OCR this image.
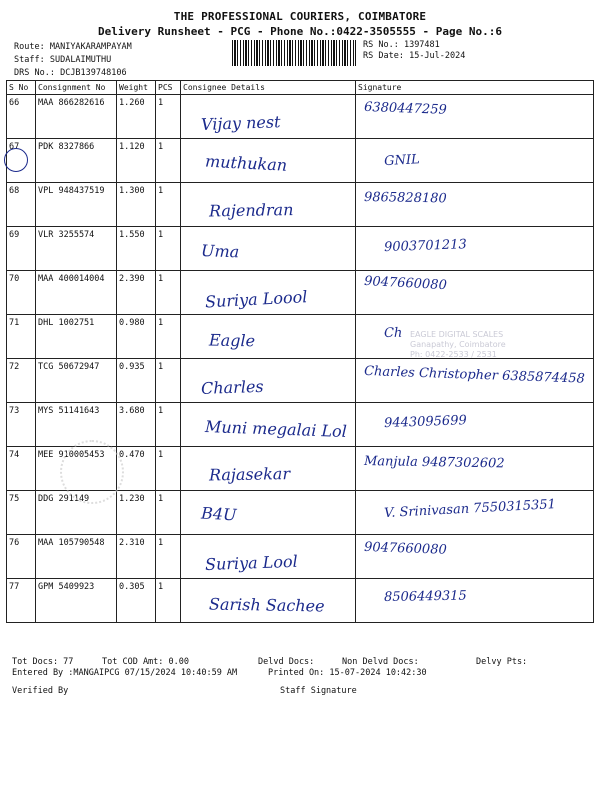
THE PROFESSIONAL COURIERS, COIMBATORE
Delivery Runsheet - PCG - Phone No.:0422-3505555 - Page No.:6
Route: MANIYAKARAMPAYAM
Staff: SUDALAIMUTHU
DRS No.: DCJB139748106
RS No.: 1397481
RS Date: 15-Jul-2024
S No	Consignment No	Weight	PCS	Consignee Details	Signature
66	MAA 866282616	1.260	1	Vijay nest	6380447259

67	PDK 8327866	1.120	1	muthukan	GNIL

68	VPL 948437519	1.300	1	Rajendran	9865828180

69	VLR 3255574	1.550	1	Uma	9003701213

70	MAA 400014004	2.390	1	Suriya Loool	9047660080

71	DHL 1002751	0.980	1	Eagle	Ch

72	TCG 50672947	0.935	1	Charles	Charles Christopher 6385874458

73	MYS 51141643	3.680	1	Muni megalai Lol	9443095699

74	MEE 910005453	0.470	1	Rajasekar	Manjula 9487302602

75	DDG 291149	1.230	1	B4U	V. Srinivasan 7550315351

76	MAA 105790548	2.310	1	Suriya Lool	9047660080

77	GPM 5409923	0.305	1	Sarish Sachee	8506449315
EAGLE DIGITAL SCALES
Ganapathy, Coimbatore
Ph: 0422-2533 / 2531
Tot Docs: 77	Tot COD Amt: 0.00	Delvd Docs:	Non Delvd Docs:	Delvy Pts:
Entered By :MANGAIPCG 07/15/2024 10:40:59 AM	Printed On: 15-07-2024 10:42:30
Verified By	Staff Signature
